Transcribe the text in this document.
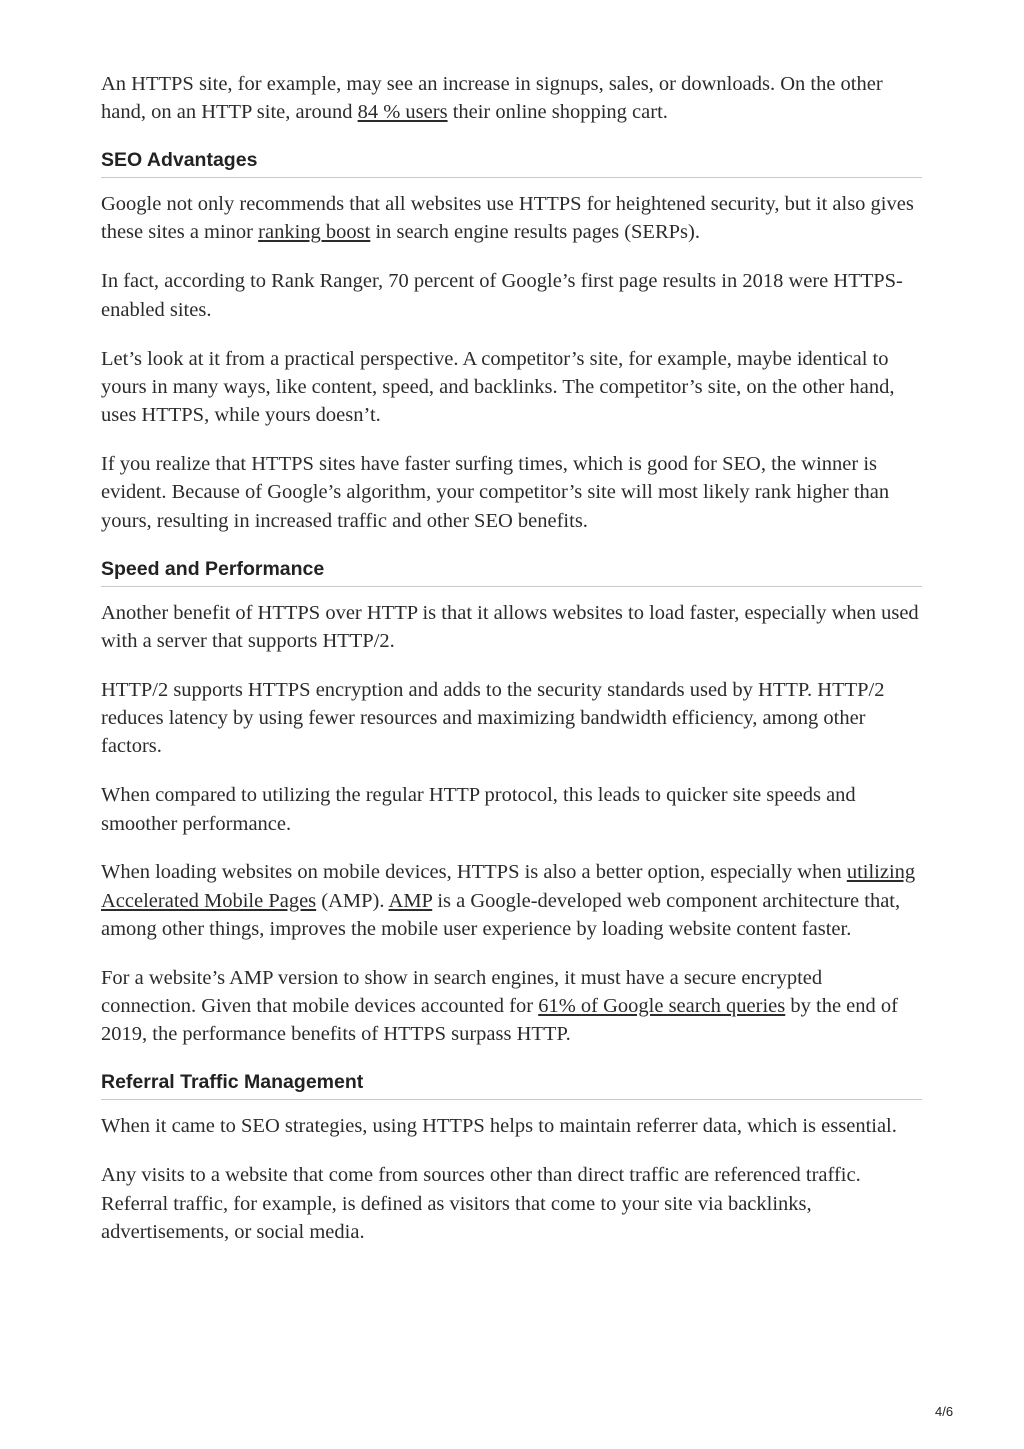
An HTTPS site, for example, may see an increase in signups, sales, or downloads. On the other hand, on an HTTP site, around 84 % users their online shopping cart.

SEO Advantages

Google not only recommends that all websites use HTTPS for heightened security, but it also gives these sites a minor ranking boost in search engine results pages (SERPs).

In fact, according to Rank Ranger, 70 percent of Google’s first page results in 2018 were HTTPS-enabled sites.

Let’s look at it from a practical perspective. A competitor’s site, for example, maybe identical to yours in many ways, like content, speed, and backlinks. The competitor’s site, on the other hand, uses HTTPS, while yours doesn’t.

If you realize that HTTPS sites have faster surfing times, which is good for SEO, the winner is evident. Because of Google’s algorithm, your competitor’s site will most likely rank higher than yours, resulting in increased traffic and other SEO benefits.

Speed and Performance

Another benefit of HTTPS over HTTP is that it allows websites to load faster, especially when used with a server that supports HTTP/2.

HTTP/2 supports HTTPS encryption and adds to the security standards used by HTTP. HTTP/2 reduces latency by using fewer resources and maximizing bandwidth efficiency, among other factors.

When compared to utilizing the regular HTTP protocol, this leads to quicker site speeds and smoother performance.

When loading websites on mobile devices, HTTPS is also a better option, especially when utilizing Accelerated Mobile Pages (AMP). AMP is a Google-developed web component architecture that, among other things, improves the mobile user experience by loading website content faster.

For a website’s AMP version to show in search engines, it must have a secure encrypted connection. Given that mobile devices accounted for 61% of Google search queries by the end of 2019, the performance benefits of HTTPS surpass HTTP.

Referral Traffic Management

When it came to SEO strategies, using HTTPS helps to maintain referrer data, which is essential.

Any visits to a website that come from sources other than direct traffic are referenced traffic. Referral traffic, for example, is defined as visitors that come to your site via backlinks, advertisements, or social media.

4/6
